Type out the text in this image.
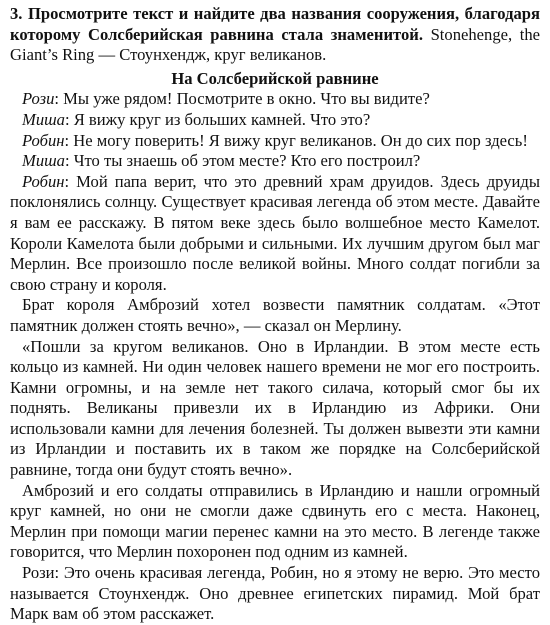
3. Просмотрите текст и найдите два названия сооружения, благодаря которому Солсберийская равнина стала знаменитой. Stonehenge, the Giant’s Ring — Стоунхендж, круг великанов.

На Солсберийской равнине

Рози: Мы уже рядом! Посмотрите в окно. Что вы видите?

Миша: Я вижу круг из больших камней. Что это?

Робин: Не могу поверить! Я вижу круг великанов. Он до сих пор здесь!

Миша: Что ты знаешь об этом месте? Кто его построил?

Робин: Мой папа верит, что это древний храм друидов. Здесь друиды поклонялись солнцу. Существует красивая легенда об этом месте. Давайте я вам ее расскажу. В пятом веке здесь было волшебное место Камелот. Короли Камелота были добрыми и сильными. Их лучшим другом был маг Мерлин. Все произошло после великой войны. Много солдат погибли за свою страну и короля.

Брат короля Амброзий хотел возвести памятник солдатам. «Этот памятник должен стоять вечно», — сказал он Мерлину.

«Пошли за кругом великанов. Оно в Ирландии. В этом месте есть кольцо из камней. Ни один человек нашего времени не мог его построить. Камни огромны, и на земле нет такого силача, который смог бы их поднять. Великаны привезли их в Ирландию из Африки. Они использовали камни для лечения болезней. Ты должен вывезти эти камни из Ирландии и поставить их в таком же порядке на Солсберийской равнине, тогда они будут стоять вечно».

Амброзий и его солдаты отправились в Ирландию и нашли огромный круг камней, но они не смогли даже сдвинуть его с места. Наконец, Мерлин при помощи магии перенес камни на это место. В легенде также говорится, что Мерлин похоронен под одним из камней.

Рози: Это очень красивая легенда, Робин, но я этому не верю. Это место называется Стоунхендж. Оно древнее египетских пирамид. Мой брат Марк вам об этом расскажет.
